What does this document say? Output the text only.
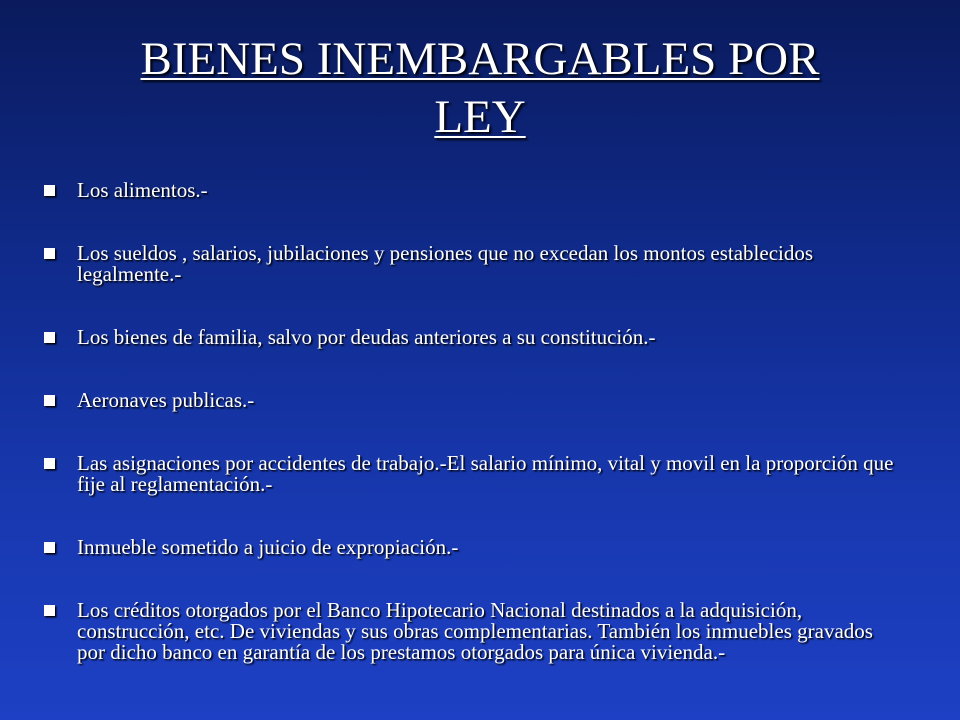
BIENES INEMBARGABLES POR
LEY
Los alimentos.-
Los sueldos , salarios, jubilaciones y pensiones que no excedan los montos establecidos legalmente.-
Los bienes de familia, salvo por deudas anteriores a su constitución.-
Aeronaves publicas.-
Las asignaciones por accidentes de trabajo.-El salario mínimo, vital y movil en la proporción que fije al reglamentación.-
Inmueble sometido a juicio de expropiación.-
Los créditos otorgados por el Banco Hipotecario Nacional destinados a la adquisición, construcción, etc. De viviendas y sus obras complementarias. También los inmuebles gravados por dicho banco en garantía de los prestamos otorgados para única vivienda.-
